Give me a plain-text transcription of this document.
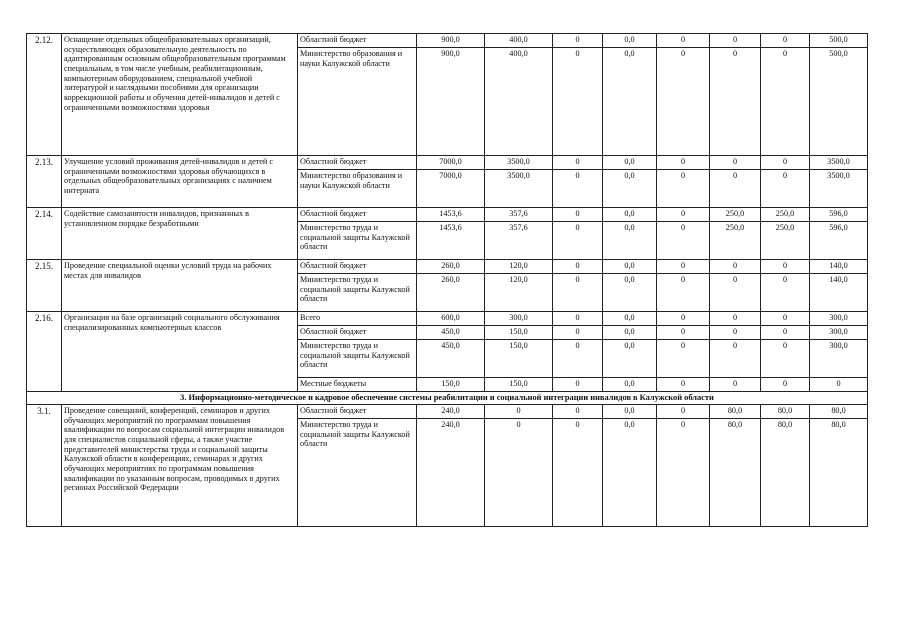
2.12.	Оснащение отдельных общеобразовательных организаций, осуществляющих образовательную деятельность по адаптированным основным общеобразовательным программам специальным, в том числе учебным, реабилитационным, компьютерным оборудованием, специальной учебной литературой и наглядными пособиями для организации коррекционной работы и обучения детей-инвалидов и детей с ограниченными возможностями здоровья	Областной бюджет	900,0	400,0	0	0,0	0	0	0	500,0
		Министерство образования и науки Калужской области	900,0	400,0	0	0,0	0	0	0	500,0
2.13.	Улучшение условий проживания детей-инвалидов и детей с ограниченными возможностями здоровья обучающихся в отдельных общеобразовательных организациях с наличием интерната	Областной бюджет	7000,0	3500,0	0	0,0	0	0	0	3500,0
		Министерство образования и науки Калужской области	7000,0	3500,0	0	0,0	0	0	0	3500,0
2.14.	Содействие самозанятости инвалидов, признанных в установленном порядке безработными	Областной бюджет	1453,6	357,6	0	0,0	0	250,0	250,0	596,0
		Министерство труда и социальной защиты Калужской области	1453,6	357,6	0	0,0	0	250,0	250,0	596,0
2.15.	Проведение специальной оценки условий труда на рабочих местах для инвалидов	Областной бюджет	260,0	120,0	0	0,0	0	0	0	140,0
		Министерство труда и социальной защиты Калужской области	260,0	120,0	0	0,0	0	0	0	140,0
2.16.	Организация на базе организаций социального обслуживания специализированных компьютерных классов	Всего	600,0	300,0	0	0,0	0	0	0	300,0
		Областной бюджет	450,0	150,0	0	0,0	0	0	0	300,0
		Министерство труда и социальной защиты Калужской области	450,0	150,0	0	0,0	0	0	0	300,0
		Местные бюджеты	150,0	150,0	0	0,0	0	0	0	0
3. Информационно-методическое и кадровое обеспечение системы реабилитации и социальной интеграции инвалидов в Калужской области										
3.1.	Проведение совещаний, конференций, семинаров и других обучающих мероприятий по программам повышения квалификации по вопросам социальной интеграции инвалидов для специалистов социальной сферы, а также участие представителей министерства труда и социальной защиты Калужской области в конференциях, семинарах и других обучающих мероприятиях по программам повышения квалификации по указанным вопросам, проводимых в других регионах Российской Федерации	Областной бюджет	240,0	0	0	0,0	0	80,0	80,0	80,0
		Министерство труда и социальной защиты Калужской области	240,0	0	0	0,0	0	80,0	80,0	80,0
